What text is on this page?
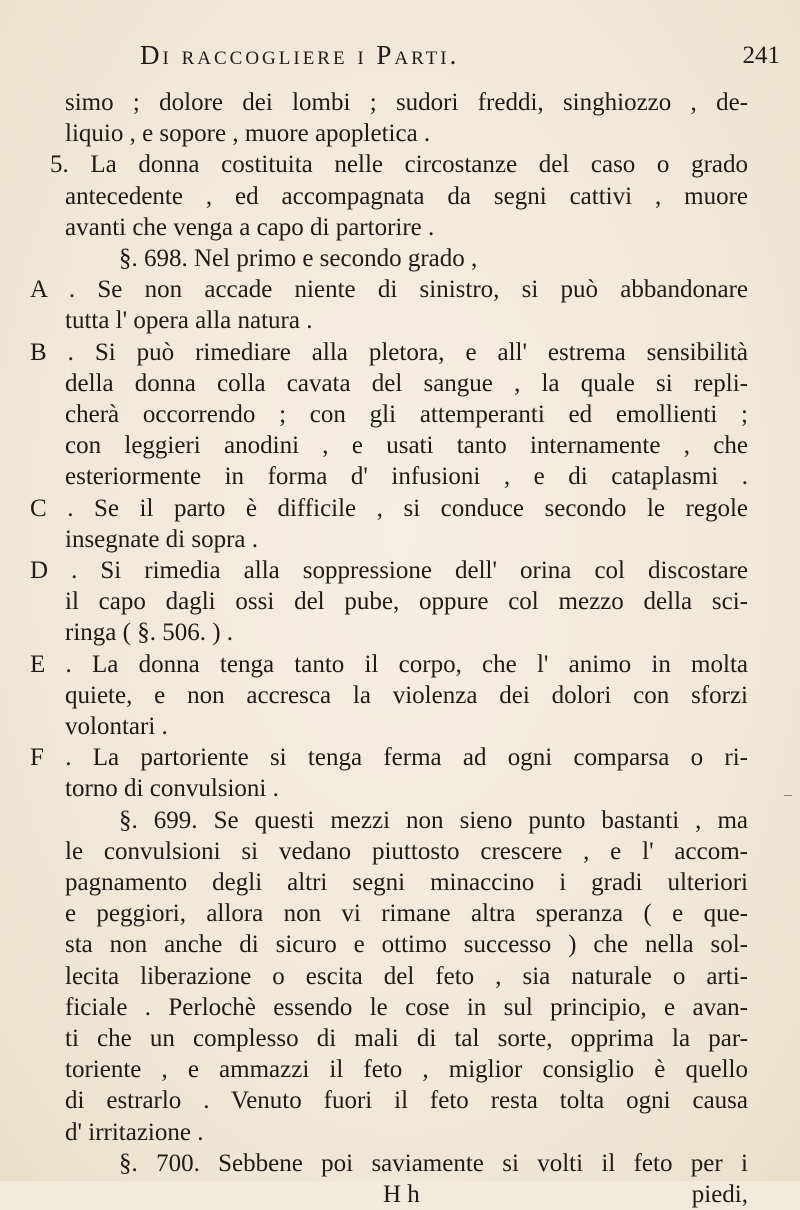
Di raccogliere i Parti.	241
simo ; dolore dei lombi ; sudori freddi, singhiozzo , de-
liquio , e sopore , muore apopletica .
5. La donna costituita nelle circostanze del caso o grado
antecedente , ed accompagnata da segni cattivi , muore
avanti che venga a capo di partorire .
§. 698. Nel primo e secondo grado ,
A . Se non accade niente di sinistro, si può abbandonare
tutta l' opera alla natura .
B . Si può rimediare alla pletora, e all' estrema sensibilità
della donna colla cavata del sangue , la quale si repli-
cherà occorrendo ; con gli attemperanti ed emollienti ;
con leggieri anodini , e usati tanto internamente , che
esteriormente in forma d' infusioni , e di cataplasmi .
C . Se il parto è difficile , si conduce secondo le regole
insegnate di sopra .
D . Si rimedia alla soppressione dell' orina col discostare
il capo dagli ossi del pube, oppure col mezzo della sci-
ringa ( §. 506. ) .
E . La donna tenga tanto il corpo, che l' animo in molta
quiete, e non accresca la violenza dei dolori con sforzi
volontari .
F . La partoriente si tenga ferma ad ogni comparsa o ri-
torno di convulsioni .
§. 699. Se questi mezzi non sieno punto bastanti , ma
le convulsioni si vedano piuttosto crescere , e l' accom-
pagnamento degli altri segni minaccino i gradi ulteriori
e peggiori, allora non vi rimane altra speranza ( e que-
sta non anche di sicuro e ottimo successo ) che nella sol-
lecita liberazione o escita del feto , sia naturale o arti-
ficiale . Perlochè essendo le cose in sul principio, e avan-
ti che un complesso di mali di tal sorte, opprima la par-
toriente , e ammazzi il feto , miglior consiglio è quello
di estrarlo . Venuto fuori il feto resta tolta ogni causa
d' irritazione .
§. 700. Sebbene poi saviamente si volti il feto per i
H h	piedi,
